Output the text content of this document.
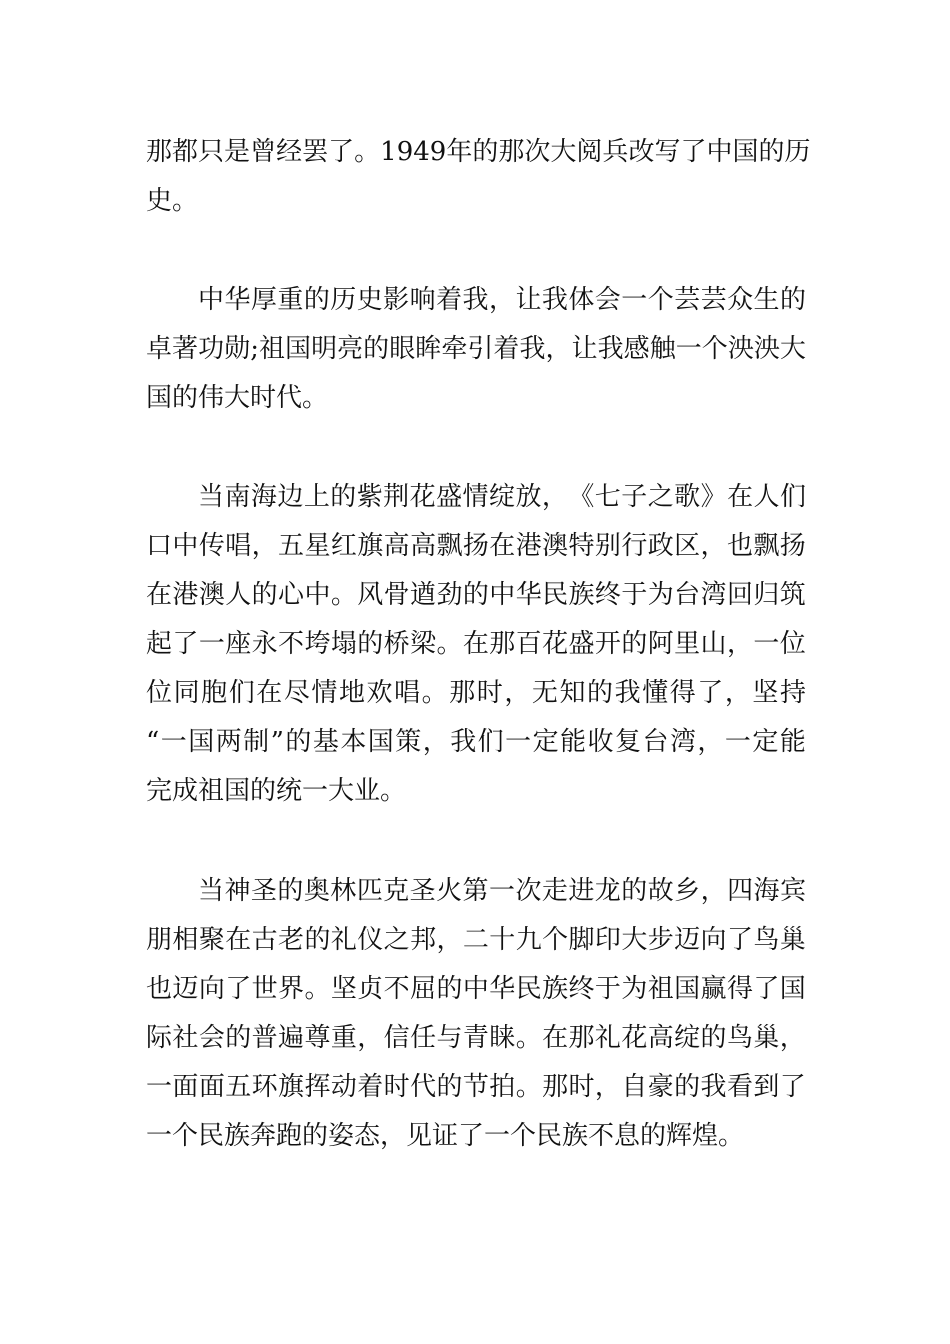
那 都 只 是 曾 经 罢 了 。 1 9 4 9 年 的 那 次 大 阅 兵 改 写 了 中 国 的 历
史。
中 华 厚 重 的 历 史 影 响 着 我 ， 让 我 体 会 一 个 芸 芸 众 生 的
卓 著 功 勋 ; 祖 国 明 亮 的 眼 眸 牵 引 着 我 ， 让 我 感 触 一 个 泱 泱 大
国的伟大时代。
当 南 海 边 上 的 紫 荆 花 盛 情 绽 放 ， 《 七 子 之 歌 》 在 人 们
口 中 传 唱 ， 五 星 红 旗 高 高 飘 扬 在 港 澳 特 别 行 政 区 ， 也 飘 扬
在 港 澳 人 的 心 中 。 风 骨 遒 劲 的 中 华 民 族 终 于 为 台 湾 回 归 筑
起 了 一 座 永 不 垮 塌 的 桥 梁 。 在 那 百 花 盛 开 的 阿 里 山 ， 一 位
位 同 胞 们 在 尽 情 地 欢 唱 。 那 时 ， 无 知 的 我 懂 得 了 ， 坚 持
“ 一 国 两 制 ” 的 基 本 国 策 ， 我 们 一 定 能 收 复 台 湾 ， 一 定 能
完成祖国的统一大业。
当 神 圣 的 奥 林 匹 克 圣 火 第 一 次 走 进 龙 的 故 乡 ， 四 海 宾
朋 相 聚 在 古 老 的 礼 仪 之 邦 ， 二 十 九 个 脚 印 大 步 迈 向 了 鸟 巢
也 迈 向 了 世 界 。 坚 贞 不 屈 的 中 华 民 族 终 于 为 祖 国 赢 得 了 国
际 社 会 的 普 遍 尊 重 ， 信 任 与 青 睐 。 在 那 礼 花 高 绽 的 鸟 巢 ，
一 面 面 五 环 旗 挥 动 着 时 代 的 节 拍 。 那 时 ， 自 豪 的 我 看 到 了
一个民族奔跑的姿态，见证了一个民族不息的辉煌。
